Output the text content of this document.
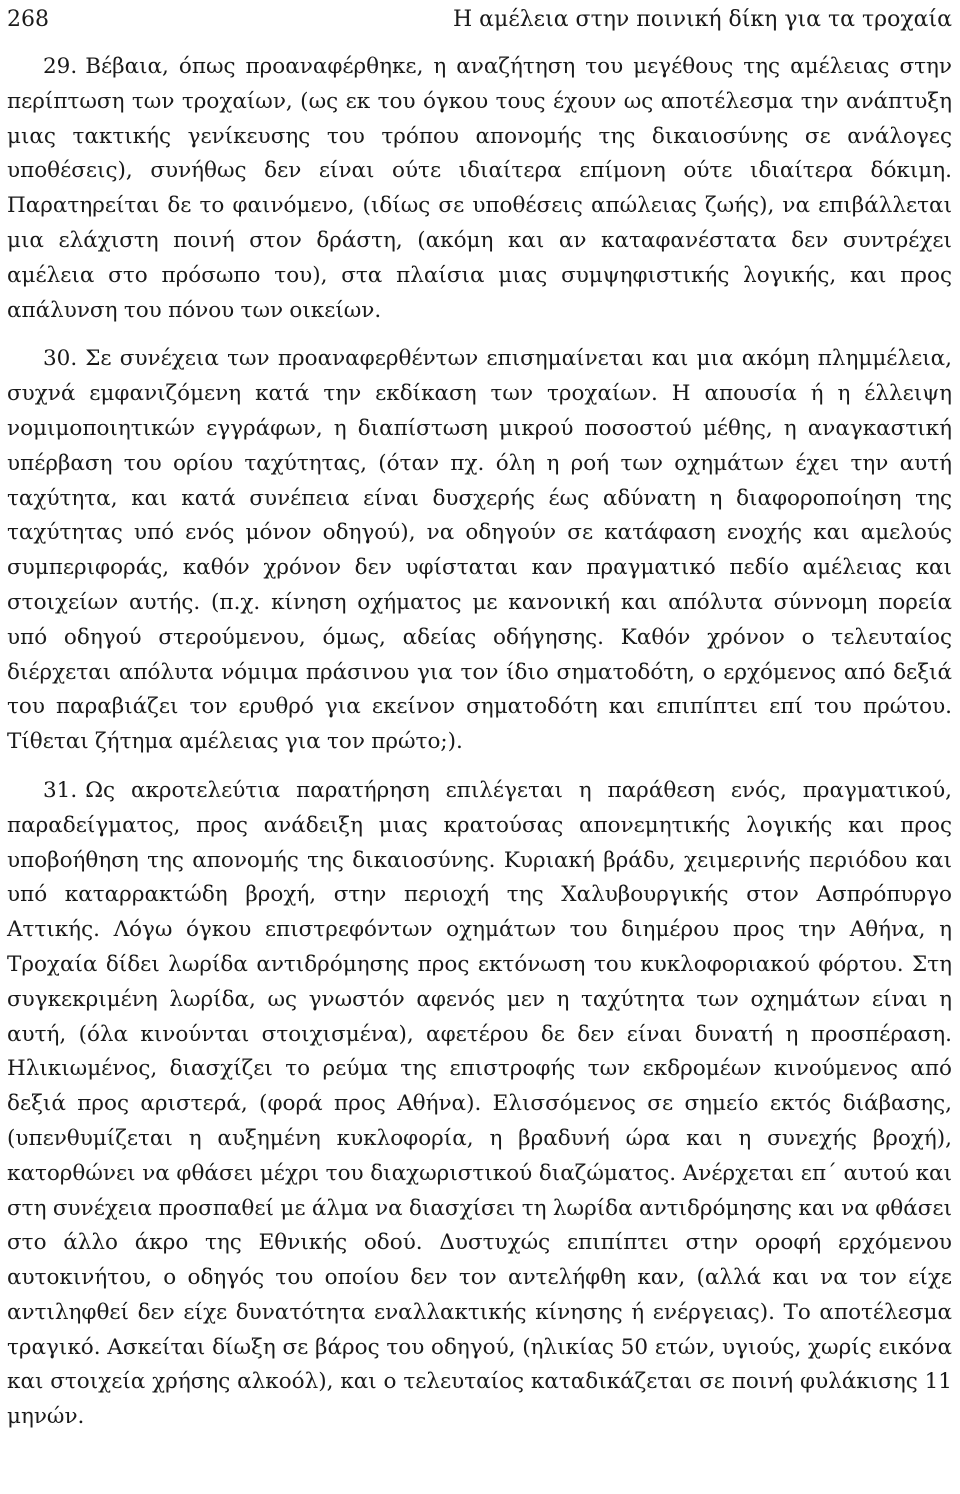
268	Η αμέλεια στην ποινική δίκη για τα τροχαία

29. Βέβαια, όπως προαναφέρθηκε, η αναζήτηση του μεγέθους της αμέλειας στην περίπτωση των τροχαίων, (ως εκ του όγκου τους έχουν ως αποτέλεσμα την ανάπτυξη μιας τακτικής γενίκευσης του τρόπου απονομής της δικαιοσύνης σε ανάλογες υποθέσεις), συνήθως δεν είναι ούτε ιδιαίτερα επίμονη ούτε ιδιαίτερα δόκιμη. Παρατηρείται δε το φαινόμενο, (ιδίως σε υποθέσεις απώλειας ζωής), να επιβάλλεται μια ελάχιστη ποινή στον δράστη, (ακόμη και αν καταφανέστατα δεν συντρέχει αμέλεια στο πρόσωπο του), στα πλαίσια μιας συμψηφιστικής λογικής, και προς απάλυνση του πόνου των οικείων.

30. Σε συνέχεια των προαναφερθέντων επισημαίνεται και μια ακόμη πλημμέλεια, συχνά εμφανιζόμενη κατά την εκδίκαση των τροχαίων. Η απουσία ή η έλλειψη νομιμοποιητικών εγγράφων, η διαπίστωση μικρού ποσοστού μέθης, η αναγκαστική υπέρβαση του ορίου ταχύτητας, (όταν πχ. όλη η ροή των οχημάτων έχει την αυτή ταχύτητα, και κατά συνέπεια είναι δυσχερής έως αδύνατη η διαφοροποίηση της ταχύτητας υπό ενός μόνον οδηγού), να οδηγούν σε κατάφαση ενοχής και αμελούς συμπεριφοράς, καθόν χρόνον δεν υφίσταται καν πραγματικό πεδίο αμέλειας και στοιχείων αυτής. (π.χ. κίνηση οχήματος με κανονική και απόλυτα σύννομη πορεία υπό οδηγού στερούμενου, όμως, αδείας οδήγησης. Καθόν χρόνον ο τελευταίος διέρχεται απόλυτα νόμιμα πράσινου για τον ίδιο σηματοδότη, ο ερχόμενος από δεξιά του παραβιάζει τον ερυθρό για εκείνον σηματοδότη και επιπίπτει επί του πρώτου. Τίθεται ζήτημα αμέλειας για τον πρώτο;).

31. Ως ακροτελεύτια παρατήρηση επιλέγεται η παράθεση ενός, πραγματικού, παραδείγματος, προς ανάδειξη μιας κρατούσας απονεμητικής λογικής και προς υποβοήθηση της απονομής της δικαιοσύνης. Κυριακή βράδυ, χειμερινής περιόδου και υπό καταρρακτώδη βροχή, στην περιοχή της Χαλυβουργικής στον Ασπρόπυργο Αττικής. Λόγω όγκου επιστρεφόντων οχημάτων του διημέρου προς την Αθήνα, η Τροχαία δίδει λωρίδα αντιδρόμησης προς εκτόνωση του κυκλοφοριακού φόρτου. Στη συγκεκριμένη λωρίδα, ως γνωστόν αφενός μεν η ταχύτητα των οχημάτων είναι η αυτή, (όλα κινούνται στοιχισμένα), αφετέρου δε δεν είναι δυνατή η προσπέραση. Ηλικιωμένος, διασχίζει το ρεύμα της επιστροφής των εκδρομέων κινούμενος από δεξιά προς αριστερά, (φορά προς Αθήνα). Ελισσόμενος σε σημείο εκτός διάβασης, (υπενθυμίζεται η αυξημένη κυκλοφορία, η βραδυνή ώρα και η συνεχής βροχή), κατορθώνει να φθάσει μέχρι του διαχωριστικού διαζώματος. Ανέρχεται επ΄ αυτού και στη συνέχεια προσπαθεί με άλμα να διασχίσει τη λωρίδα αντιδρόμησης και να φθάσει στο άλλο άκρο της Εθνικής οδού. Δυστυχώς επιπίπτει στην οροφή ερχόμενου αυτοκινήτου, ο οδηγός του οποίου δεν τον αντελήφθη καν, (αλλά και να τον είχε αντιληφθεί δεν είχε δυνατότητα εναλλακτικής κίνησης ή ενέργειας). Το αποτέλεσμα τραγικό. Ασκείται δίωξη σε βάρος του οδηγού, (ηλικίας 50 ετών, υγιούς, χωρίς εικόνα και στοιχεία χρήσης αλκοόλ), και ο τελευταίος καταδικάζεται σε ποινή φυλάκισης 11 μηνών.
